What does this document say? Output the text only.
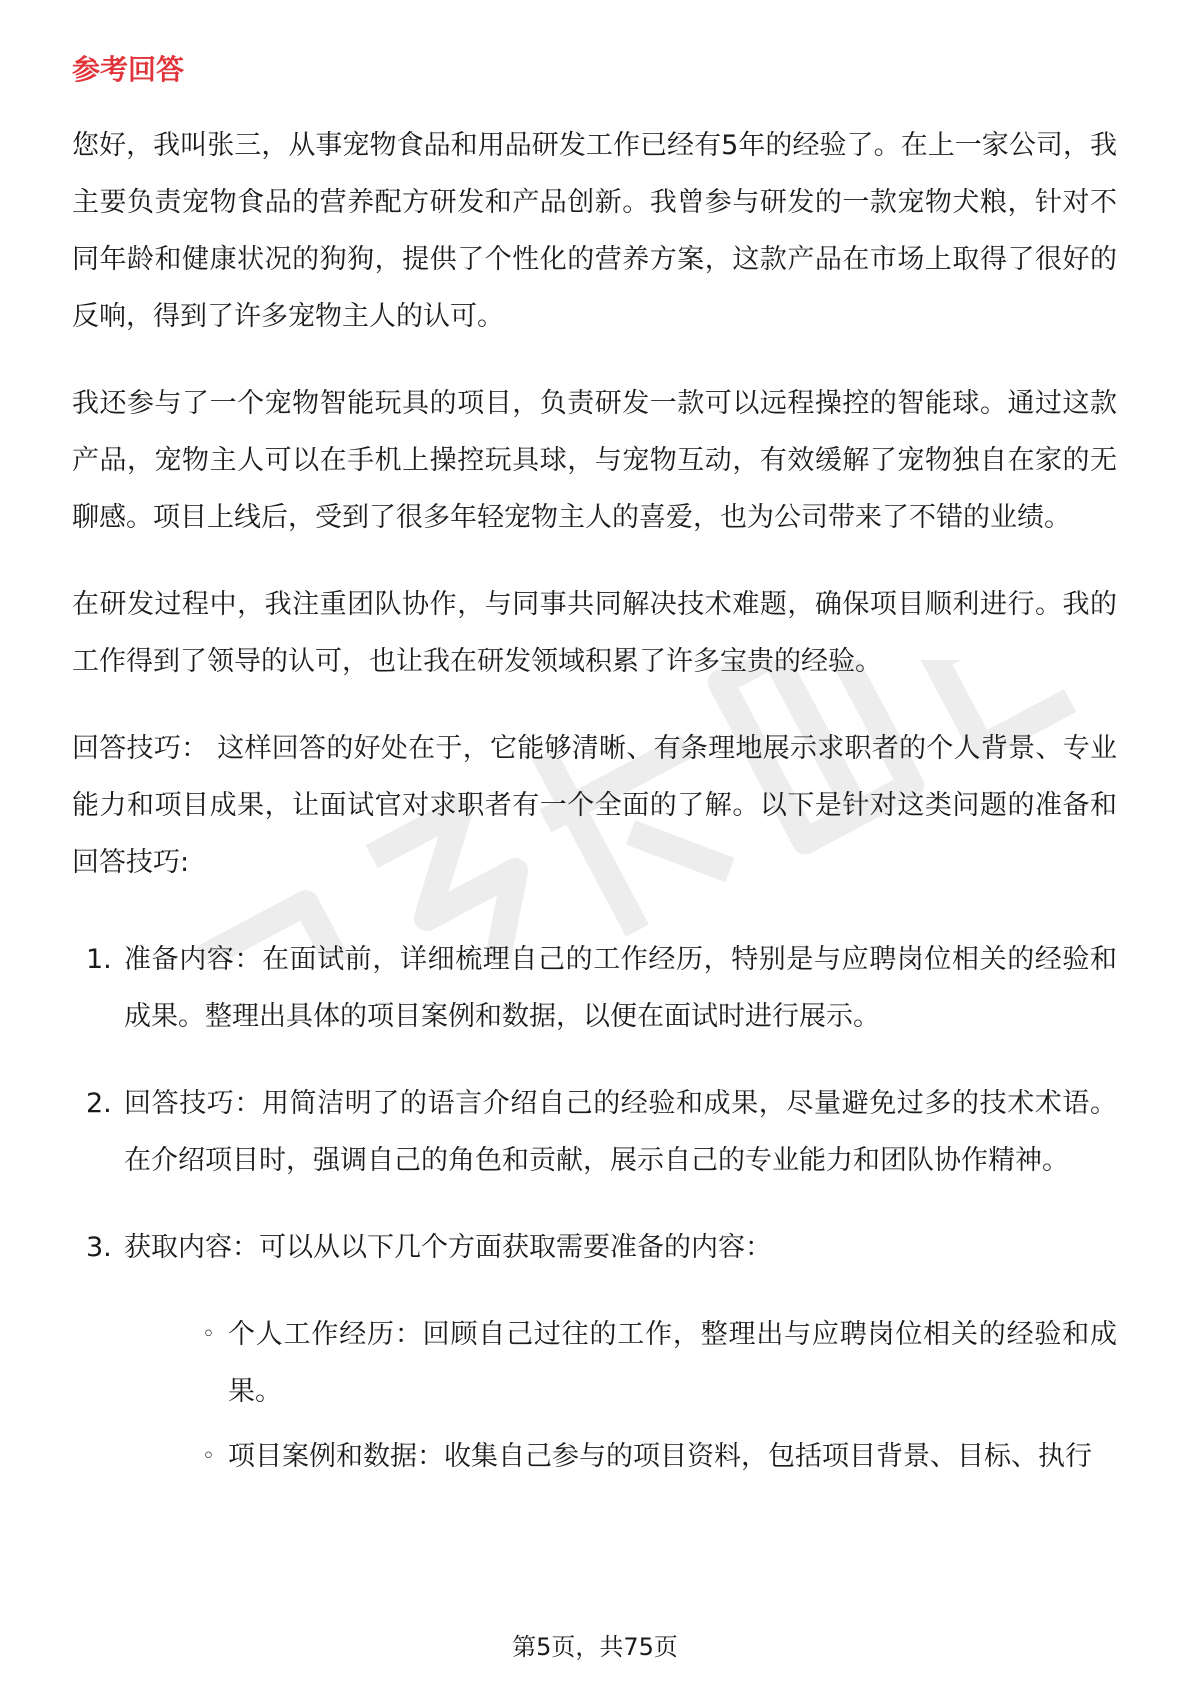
参考回答

您好，我叫张三，从事宠物食品和用品研发工作已经有5年的经验了。在上一家公司，我主要负责宠物食品的营养配方研发和产品创新。我曾参与研发的一款宠物犬粮，针对不同年龄和健康状况的狗狗，提供了个性化的营养方案，这款产品在市场上取得了很好的反响，得到了许多宠物主人的认可。

我还参与了一个宠物智能玩具的项目，负责研发一款可以远程操控的智能球。通过这款产品，宠物主人可以在手机上操控玩具球，与宠物互动，有效缓解了宠物独自在家的无聊感。项目上线后，受到了很多年轻宠物主人的喜爱，也为公司带来了不错的业绩。

在研发过程中，我注重团队协作，与同事共同解决技术难题，确保项目顺利进行。我的工作得到了领导的认可，也让我在研发领域积累了许多宝贵的经验。

回答技巧： 这样回答的好处在于，它能够清晰、有条理地展示求职者的个人背景、专业能力和项目成果，让面试官对求职者有一个全面的了解。以下是针对这类问题的准备和回答技巧:

1. 准备内容：在面试前，详细梳理自己的工作经历，特别是与应聘岗位相关的经验和成果。整理出具体的项目案例和数据，以便在面试时进行展示。
2. 回答技巧：用简洁明了的语言介绍自己的经验和成果，尽量避免过多的技术术语。在介绍项目时，强调自己的角色和贡献，展示自己的专业能力和团队协作精神。
3. 获取内容：可以从以下几个方面获取需要准备的内容：
◦ 个人工作经历：回顾自己过往的工作，整理出与应聘岗位相关的经验和成果。
◦ 项目案例和数据：收集自己参与的项目资料，包括项目背景、目标、执行
第5页，共75页
